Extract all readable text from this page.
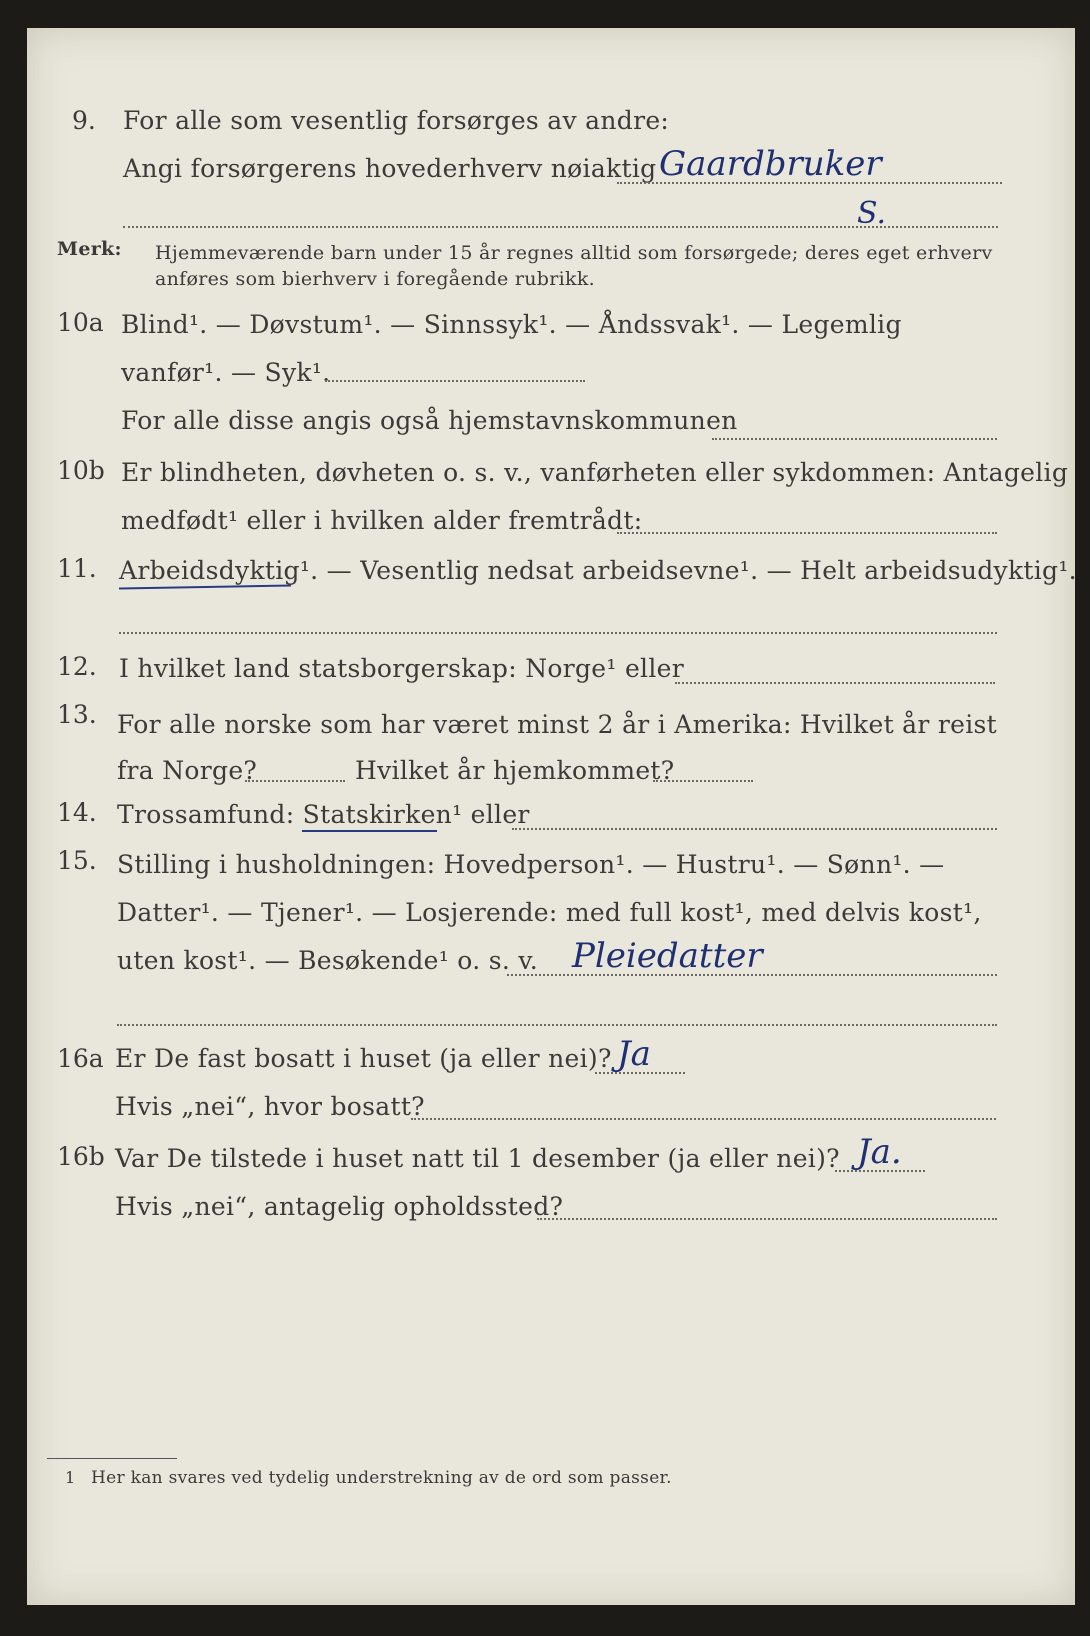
9. For alle som vesentlig forsørges av andre:
Angi forsørgerens hovederhverv nøiaktig Gaardbruker
S.
Merk: Hjemmeværende barn under 15 år regnes alltid som forsørgede; deres eget erhverv
anføres som bierhverv i foregående rubrikk.
10a Blind¹. — Døvstum¹. — Sinnssyk¹. — Åndssvak¹. — Legemlig
vanfør¹. — Syk¹.
For alle disse angis også hjemstavnskommunen
10b Er blindheten, døvheten o. s. v., vanførheten eller sykdommen: Antagelig
medfødt¹ eller i hvilken alder fremtrådt:
11. Arbeidsdyktig¹. — Vesentlig nedsat arbeidsevne¹. — Helt arbeidsudyktig¹.
12. I hvilket land statsborgerskap: Norge¹ eller
13. For alle norske som har været minst 2 år i Amerika: Hvilket år reist
fra Norge?	Hvilket år hjemkommet?
14. Trossamfund: Statskirken¹ eller
15. Stilling i husholdningen: Hovedperson¹. — Hustru¹. — Sønn¹. —
Datter¹. — Tjener¹. — Losjerende: med full kost¹, med delvis kost¹,
uten kost¹. — Besøkende¹ o. s. v. Pleiedatter
16a Er De fast bosatt i huset (ja eller nei)? Ja
Hvis „nei“, hvor bosatt?
16b Var De tilstede i huset natt til 1 desember (ja eller nei)? Ja.
Hvis „nei“, antagelig opholdssted?
1 Her kan svares ved tydelig understrekning av de ord som passer.
